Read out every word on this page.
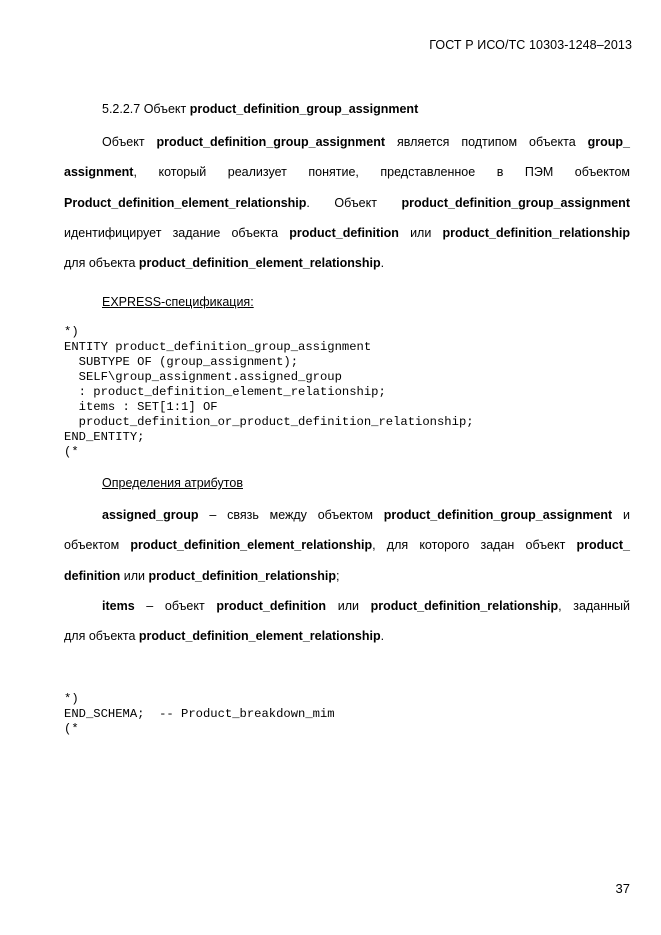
ГОСТ Р ИСО/ТС 10303-1248–2013
5.2.2.7 Объект product_definition_group_assignment
Объект product_definition_group_assignment является подтипом объекта group_
assignment, который реализует понятие, представленное в ПЭМ объектом
Product_definition_element_relationship. Объект product_definition_group_assignment
идентифицирует задание объекта product_definition или product_definition_relationship
для объекта product_definition_element_relationship.
EXPRESS-спецификация:
*)
ENTITY product_definition_group_assignment
SUBTYPE OF (group_assignment);
SELF\group_assignment.assigned_group
: product_definition_element_relationship;
items : SET[1:1] OF
product_definition_or_product_definition_relationship;
END_ENTITY;
(*
Определения атрибутов
assigned_group – связь между объектом product_definition_group_assignment и
объектом product_definition_element_relationship, для которого задан объект product_
definition или product_definition_relationship;
items – объект product_definition или product_definition_relationship, заданный
для объекта product_definition_element_relationship.
*)
END_SCHEMA;  -- Product_breakdown_mim
(*
37
